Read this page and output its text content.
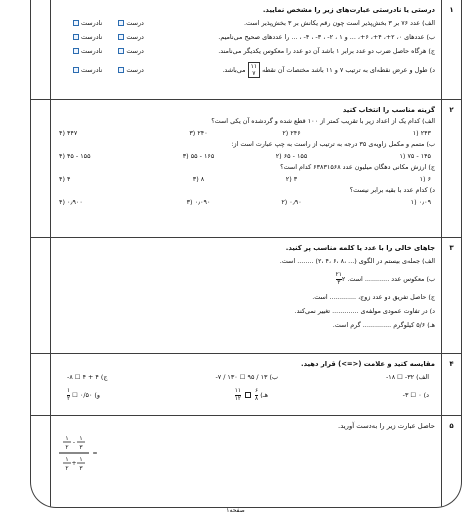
۱
درستی یا نادرستی عبارت‌های زیر را مشخص نمایید.
الف) عدد ۷۶ بر ۳ بخش‌پذیر است چون رقم یکانش بر ۳ بخش‌پذیر است.
درست

نادرست
ب) عددهای ۰، ۲+، ۴+، ۶+، ... و ۱ ، ۲- ، ۳- ، ۴- ، ... را عددهای صحیح می‌نامیم.
درست

نادرست
ج) هرگاه حاصل ضرب دو عدد برابر ۱ باشد آن دو عدد را معکوس یکدیگر می‌نامند.
درست

نادرست
د) طول و عرض نقطه‌ای به ترتیب ۷ و ۱۱ باشد مختصات آن نقطه ۱۱
۷ می‌باشد.
درست

نادرست
۲
گزینه مناسب را انتخاب کنید
الف) کدام یک از اعداد زیر با تقریب کمتر از ۱۰۰ قطع شده و گردشده آن یکی است؟
۲۴۳ (۱
۲۴۶ (۲
۲۴۰ (۳
۴۴۷ (۴
ب) متمم و مکمل زاویه‌ی ۳۵ درجه به ترتیب از راست به چپ عبارت است از:
۱۴۵ - ۷۵ (۱
۱۵۵ - ۶۵ (۲
۱۶۵ - ۵۵ (۳
۱۵۵ - ۴۵ (۴
ج) ارزش مکانی دهگان میلیون عدد ۶۳۸۳۱۵۶۸ کدام است؟
۶ (۱
۳ (۲
۸ (۳
۴ (۴
د) کدام عدد با بقیه برابر نیست؟
۰٫۰۹ (۱
۰٫۹۰ (۲
۰٫۰۹۰ (۳
۰٫۹۰۰ (۴
۳
جاهای خالی را با عدد یا کلمه مناسب پر کنید.
الف) جمله‌ی بیستم در الگوی (... ،۸ ،۶ ،۴ ،۲) ........ است.
ب) معکوس عدد ............ است. ۲
$\frac{۲۱}{۳}$
ج) حاصل تفریق دو عدد زوج، ............. است.
د) در تفاوت عمودی مولفه‌ی ............. تغییر نمی‌کند.
هـ) ۵/۶ کیلوگرم .............. گرم است.
۴
مقایسه کنید و علامت (<=>) قرار دهید.
الف) ۳۲- ☐ ۱۸-
ب) ۱۳ / ۹۵ ☐ ۱۳۰ / ۷-
ج) ۴ + ۴ ☐ ۸-
د) ۰ ☐ ۳-
هـ)
$\frac{۶}{۸}$

$\frac{۱۱}{۱۲}$
و) ۰/۵۰ ☐
$\frac{۱}{۲}$
۵
حاصل عبارت زیر را به‌دست آورید.
۱ ۱
-
۲ ۳
۱ ۱
+
۲ ۳
=
صفحه۱
